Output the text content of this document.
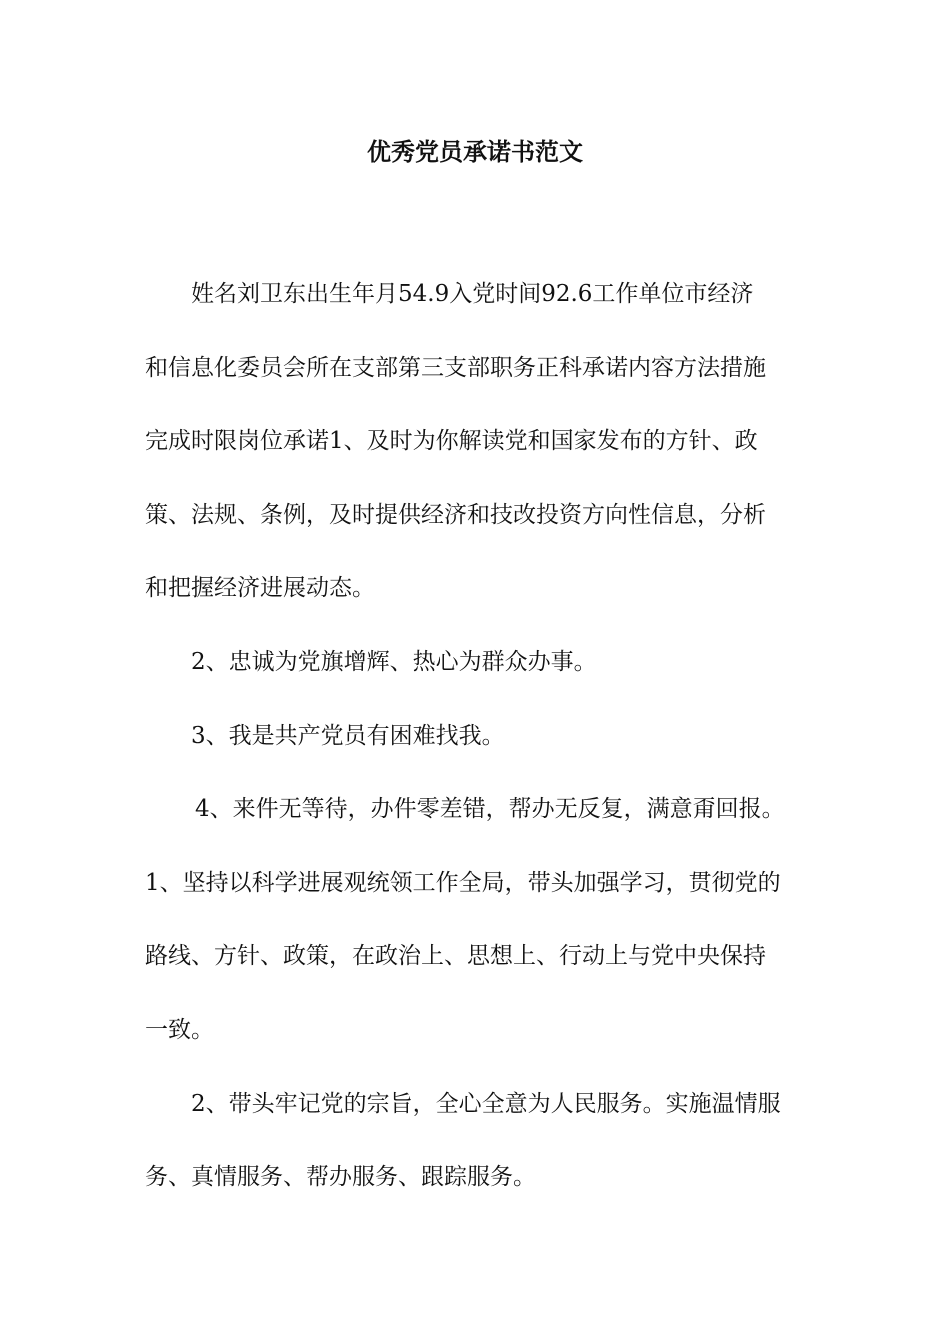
优秀党员承诺书范文

姓名刘卫东出生年月54.9入党时间92.6工作单位市经济

和信息化委员会所在支部第三支部职务正科承诺内容方法措施

完成时限岗位承诺1、及时为你解读党和国家发布的方针、政

策、法规、条例，及时提供经济和技改投资方向性信息，分析

和把握经济进展动态。

2、忠诚为党旗增辉、热心为群众办事。

3、我是共产党员有困难找我。

4、来件无等待，办件零差错，帮办无反复，满意甭回报。

1、坚持以科学进展观统领工作全局，带头加强学习，贯彻党的

路线、方针、政策，在政治上、思想上、行动上与党中央保持

一致。

2、带头牢记党的宗旨，全心全意为人民服务。实施温情服

务、真情服务、帮办服务、跟踪服务。
